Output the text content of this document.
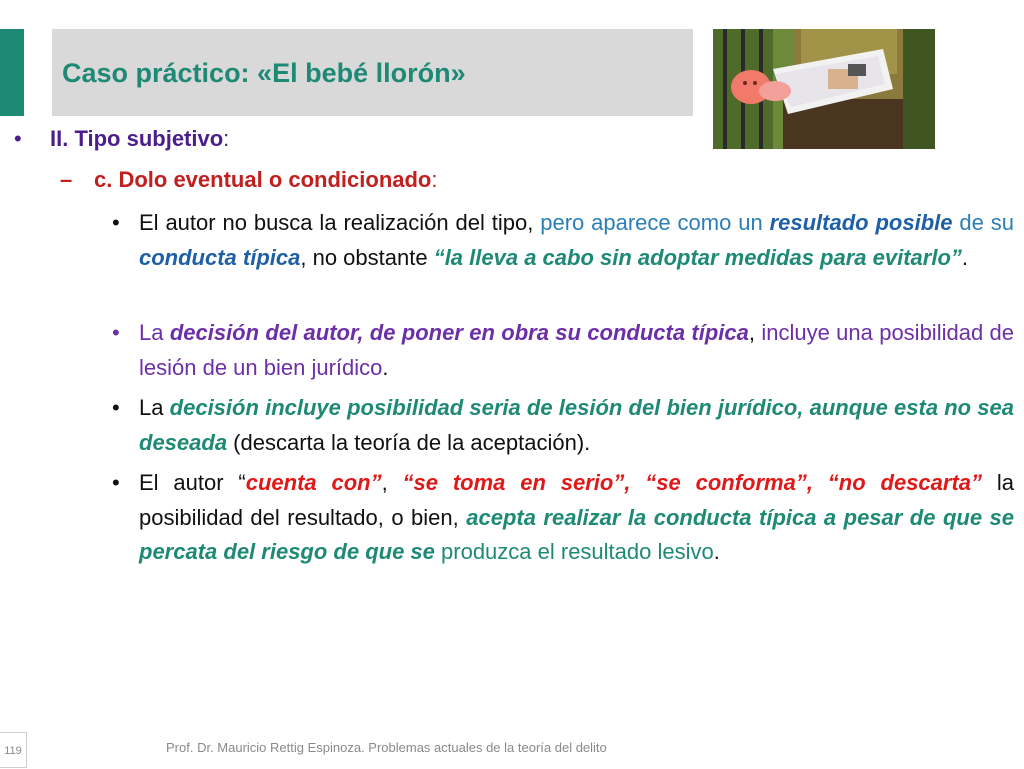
Caso práctico: «El bebé llorón»
• II. Tipo subjetivo:
– c. Dolo eventual o condicionado:
• El autor no busca la realización del tipo, pero aparece como un resultado posible de su conducta típica, no obstante “la lleva a cabo sin adoptar medidas para evitarlo”.
• La decisión del autor, de poner en obra su conducta típica, incluye una posibilidad de lesión de un bien jurídico.
• La decisión incluye posibilidad seria de lesión del bien jurídico, aunque esta no sea deseada (descarta la teoría de la aceptación).
• El autor “cuenta con”, “se toma en serio”, “se conforma”, “no descarta” la posibilidad del resultado, o bien, acepta realizar la conducta típica a pesar de que se percata del riesgo de que se produzca el resultado lesivo.
Prof. Dr. Mauricio Rettig Espinoza. Problemas actuales de la teoría del delito
119
